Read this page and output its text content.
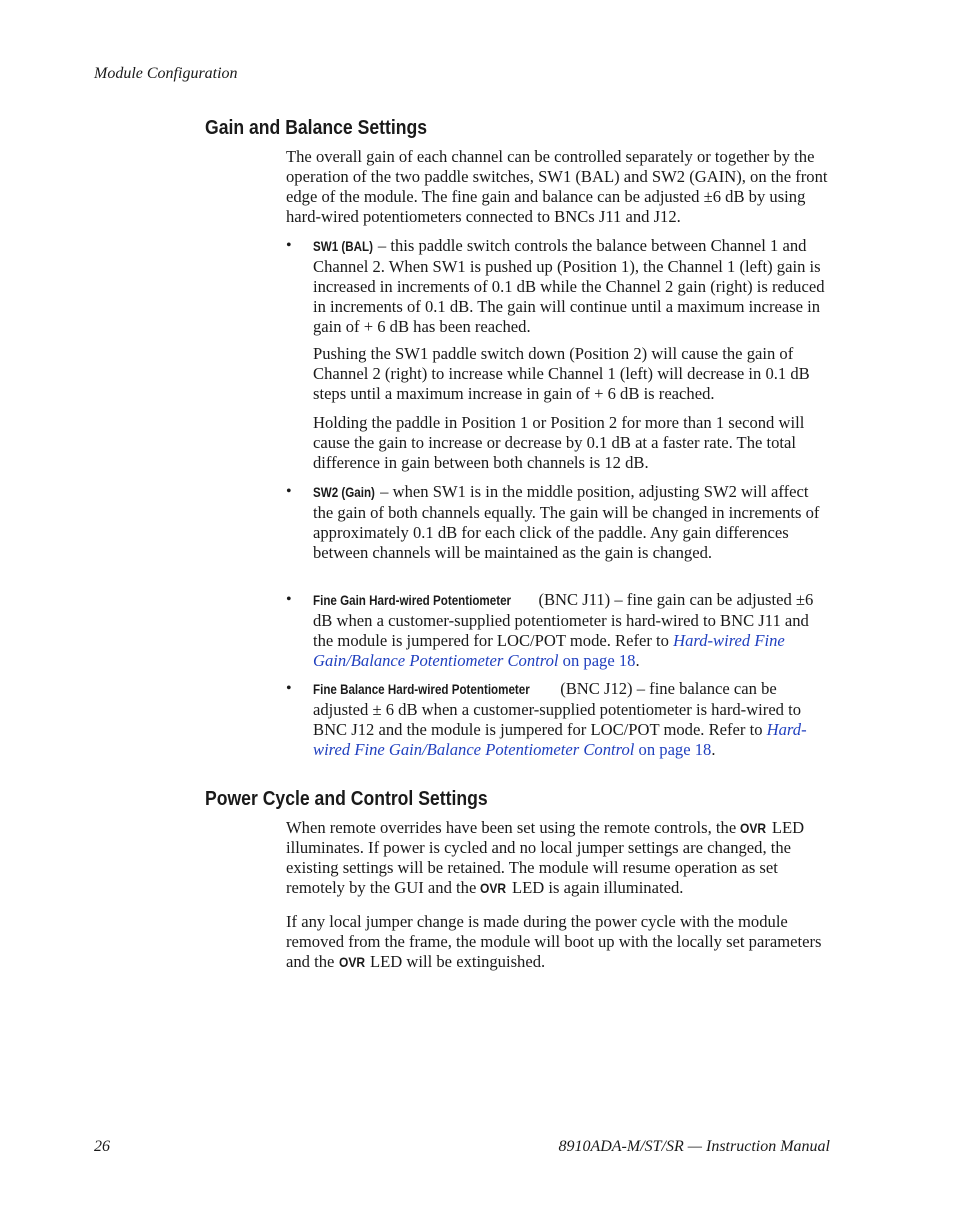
Module Configuration
Gain and Balance Settings

The overall gain of each channel can be controlled separately or together by the operation of the two paddle switches, SW1 (BAL) and SW2 (GAIN), on the front edge of the module. The fine gain and balance can be adjusted ±6 dB by using hard-wired potentiometers connected to BNCs J11 and J12.

• SW1 (BAL) – this paddle switch controls the balance between Channel 1 and Channel 2. When SW1 is pushed up (Position 1), the Channel 1 (left) gain is increased in increments of 0.1 dB while the Channel 2 gain (right) is reduced in increments of 0.1 dB. The gain will continue until a maximum increase in gain of + 6 dB has been reached.

Pushing the SW1 paddle switch down (Position 2) will cause the gain of Channel 2 (right) to increase while Channel 1 (left) will decrease in 0.1 dB steps until a maximum increase in gain of + 6 dB is reached.

Holding the paddle in Position 1 or Position 2 for more than 1 second will cause the gain to increase or decrease by 0.1 dB at a faster rate. The total difference in gain between both channels is 12 dB.

• SW2 (Gain) – when SW1 is in the middle position, adjusting SW2 will affect the gain of both channels equally. The gain will be changed in increments of approximately 0.1 dB for each click of the paddle. Any gain differences between channels will be maintained as the gain is changed.

• Fine Gain Hard-wired Potentiometer (BNC J11) – fine gain can be adjusted ±6 dB when a customer-supplied potentiometer is hard-wired to BNC J11 and the module is jumpered for LOC/POT mode. Refer to Hard-wired Fine Gain/Balance Potentiometer Control on page 18.

• Fine Balance Hard-wired Potentiometer (BNC J12) – fine balance can be adjusted ± 6 dB when a customer-supplied potentiometer is hard-wired to BNC J12 and the module is jumpered for LOC/POT mode. Refer to Hard-wired Fine Gain/Balance Potentiometer Control on page 18.

Power Cycle and Control Settings

When remote overrides have been set using the remote controls, the OVR LED illuminates. If power is cycled and no local jumper settings are changed, the existing settings will be retained. The module will resume operation as set remotely by the GUI and the OVR LED is again illuminated.

If any local jumper change is made during the power cycle with the module removed from the frame, the module will boot up with the locally set parameters and the OVR LED will be extinguished.

26	8910ADA-M/ST/SR — Instruction Manual
